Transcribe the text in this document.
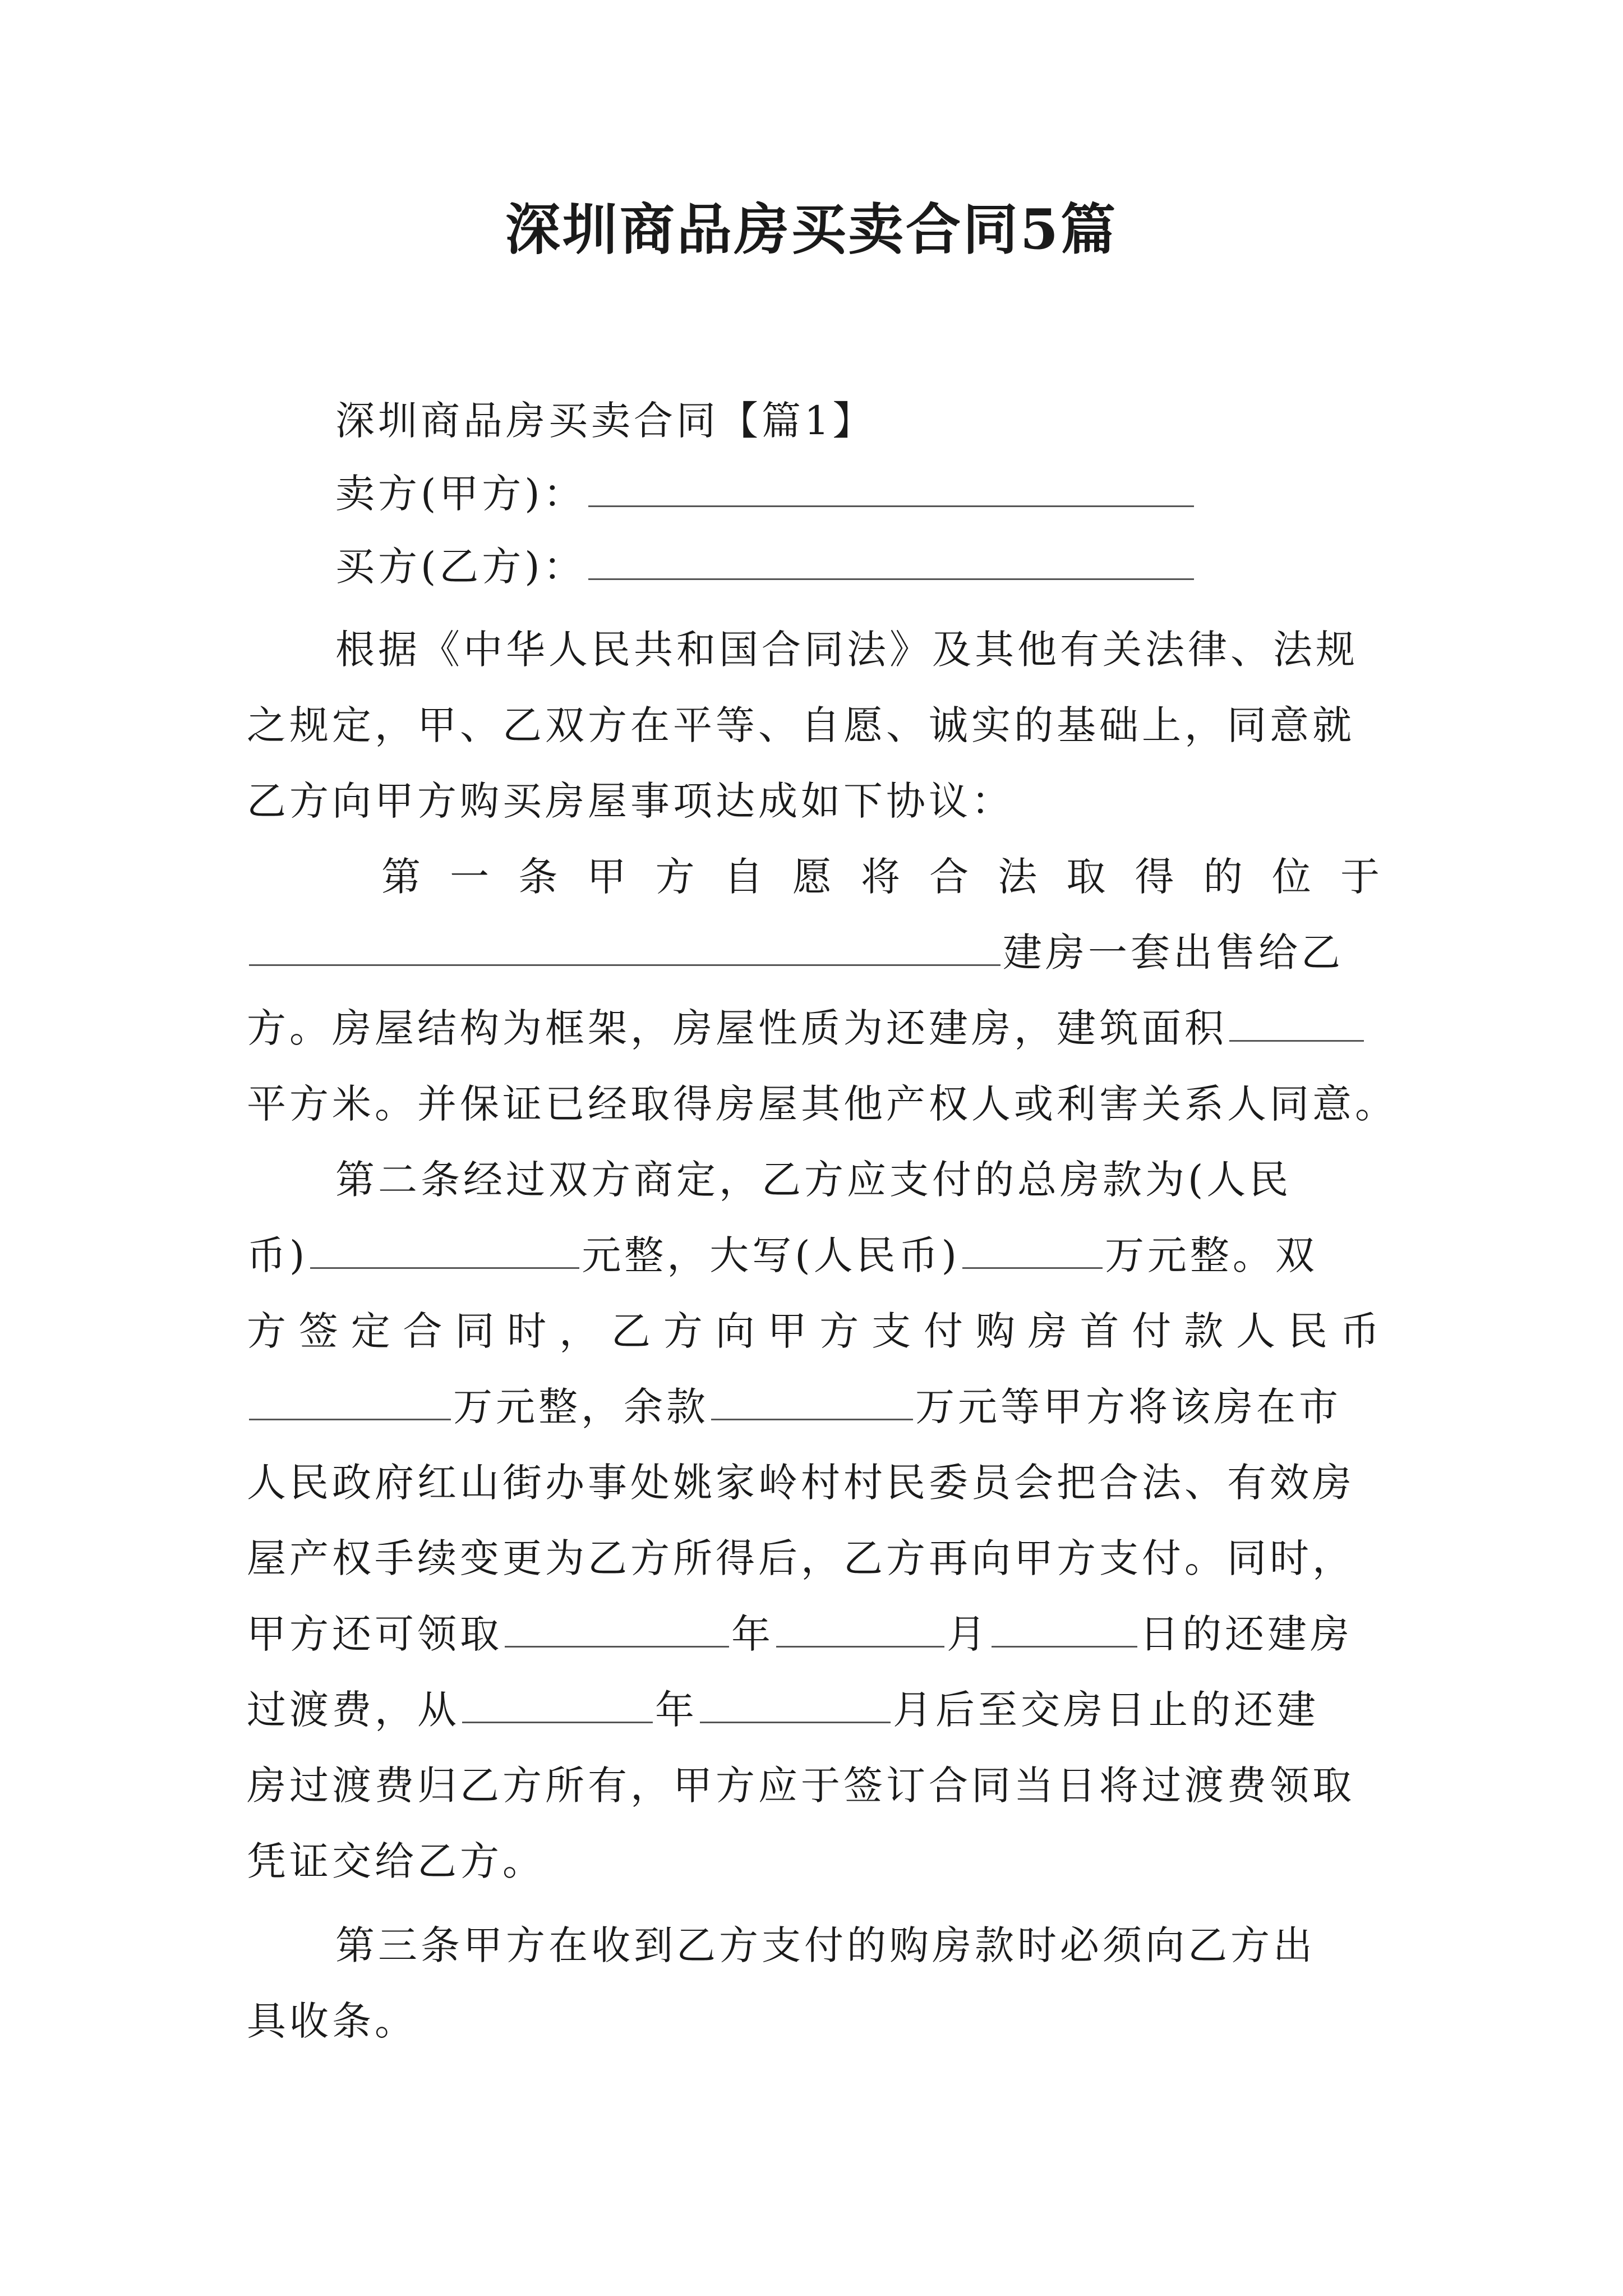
深圳商品房买卖合同5篇
深圳商品房买卖合同【篇1】
卖方(甲方)：
买方(乙方)：
根据《中华人民共和国合同法》及其他有关法律、法规
之规定，甲、乙双方在平等、自愿、诚实的基础上，同意就
乙方向甲方购买房屋事项达成如下协议：
第 一 条 甲 方 自 愿 将 合 法 取 得 的 位 于
建房一套出售给乙
方。房屋结构为框架，房屋性质为还建房，建筑面积
平方米。并保证已经取得房屋其他产权人或利害关系人同意。
第二条经过双方商定，乙方应支付的总房款为(人民
币)	元整，大写(人民币)	万元整。双
方 签 定 合 同 时 ， 乙 方 向 甲 方 支 付 购 房 首 付 款 人 民 币
万元整，余款	万元等甲方将该房在市
人民政府红山街办事处姚家岭村村民委员会把合法、有效房
屋产权手续变更为乙方所得后，乙方再向甲方支付。同时，
甲方还可领取	年	月	日的还建房
过渡费，从	年	月后至交房日止的还建
房过渡费归乙方所有，甲方应于签订合同当日将过渡费领取
凭证交给乙方。
第三条甲方在收到乙方支付的购房款时必须向乙方出
具收条。
